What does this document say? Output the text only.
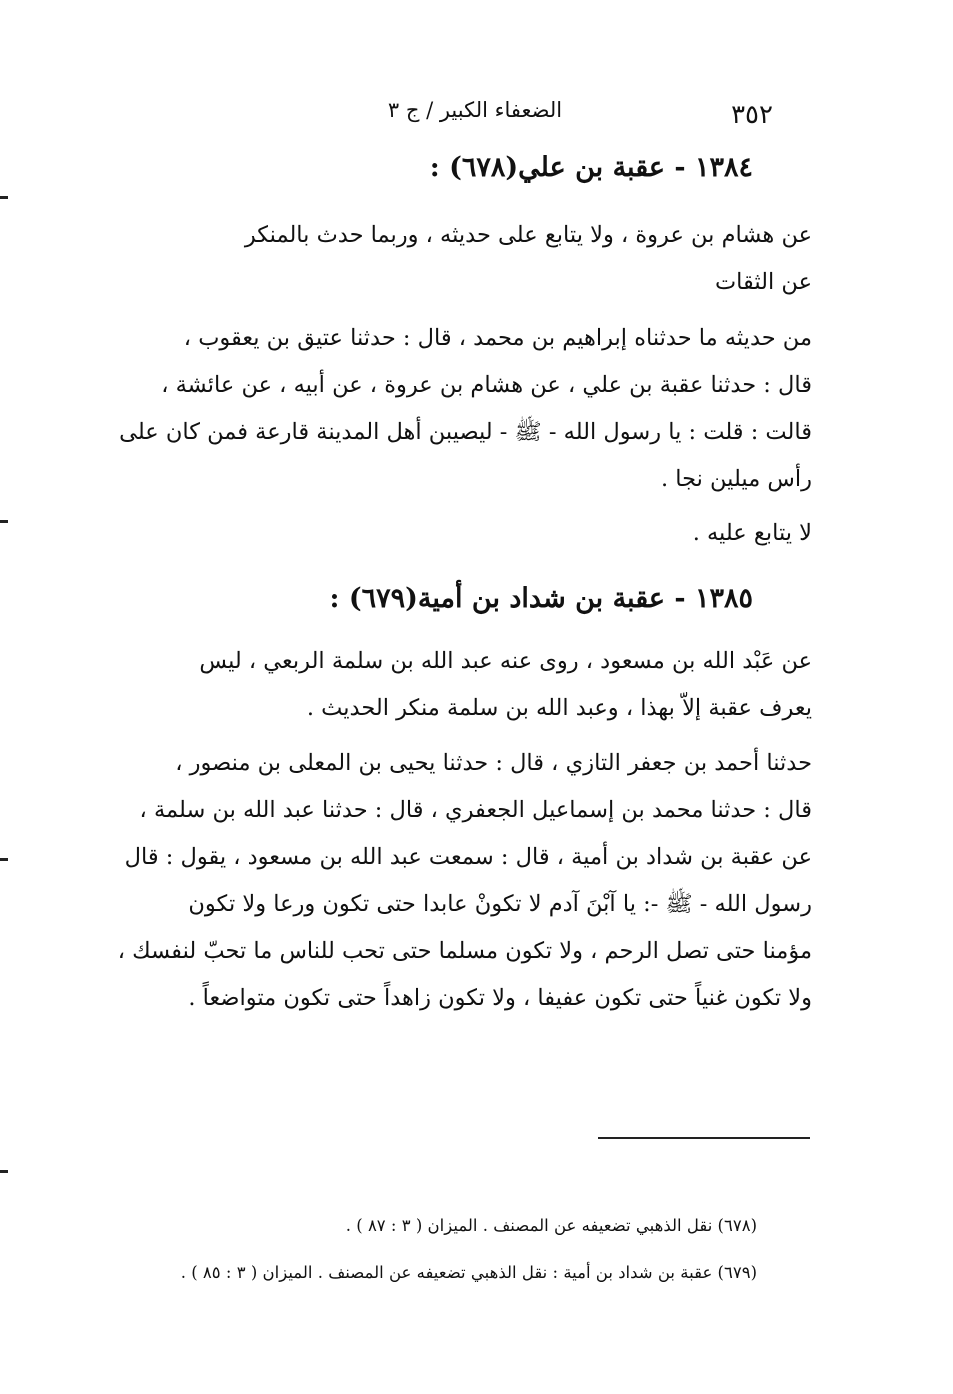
٣٥٢
الضعفاء الكبير / ج ٣
١٣٨٤ - عقبة بن علي(٦٧٨) :
عن هشام بن عروة ، ولا يتابع على حديثه ، وربما حدث بالمنكر
عن الثقات
من حديثه ما حدثناه إبراهيم بن محمد ، قال : حدثنا عتيق بن يعقوب ،
قال : حدثنا عقبة بن علي ، عن هشام بن عروة ، عن أبيه ، عن عائشة ،
قالت : قلت : يا رسول الله - ﷺ - ليصيبن أهل المدينة قارعة فمن كان على
رأس ميلين نجا .
لا يتابع عليه .
١٣٨٥ - عقبة بن شداد بن أمية(٦٧٩) :
عن عَبْد الله بن مسعود ، روى عنه عبد الله بن سلمة الربعي ، ليس
يعرف عقبة إلاّ بهذا ، وعبد الله بن سلمة منكر الحديث .
حدثنا أحمد بن جعفر التازي ، قال : حدثنا يحيى بن المعلى بن منصور ،
قال : حدثنا محمد بن إسماعيل الجعفري ، قال : حدثنا عبد الله بن سلمة ،
عن عقبة بن شداد بن أمية ، قال : سمعت عبد الله بن مسعود ، يقول : قال
رسول الله - ﷺ -: يا آبْنَ آدم لا تكونْ عابدا حتى تكون ورعا ولا تكون
مؤمنا حتى تصل الرحم ، ولا تكون مسلما حتى تحب للناس ما تحبّ لنفسك ،
ولا تكون غنياً حتى تكون عفيفا ، ولا تكون زاهداً حتى تكون متواضعاً .
(٦٧٨) نقل الذهبي تضعيفه عن المصنف . الميزان ( ٣ : ٨٧ ) .
(٦٧٩) عقبة بن شداد بن أمية : نقل الذهبي تضعيفه عن المصنف . الميزان ( ٣ : ٨٥ ) .
